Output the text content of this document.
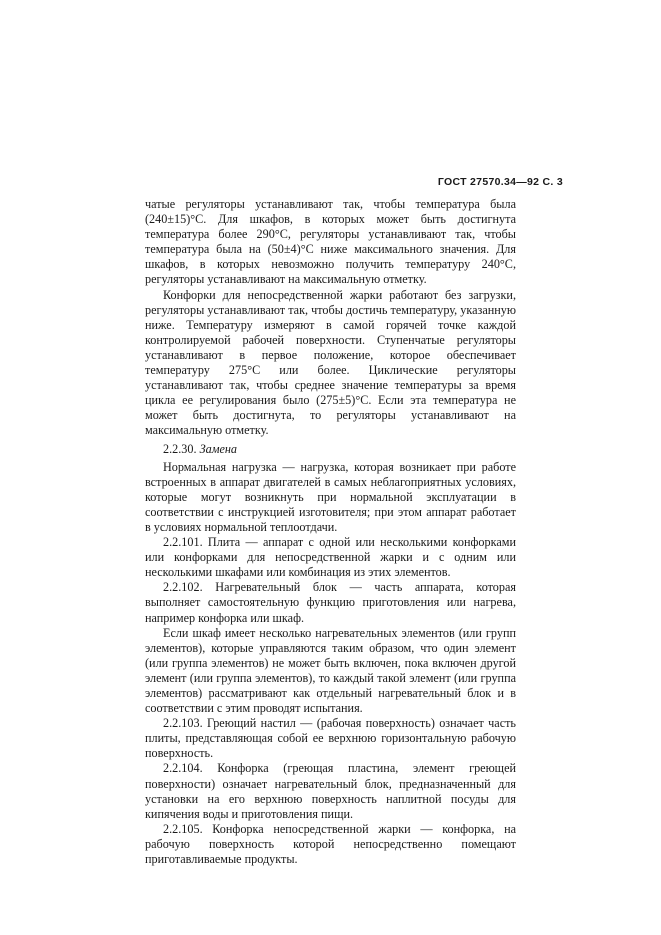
ГОСТ 27570.34—92 С. 3

чатые регуляторы устанавливают так, чтобы температура была (240±15)°С. Для шкафов, в которых может быть достигнута температура более 290°С, регуляторы устанавливают так, чтобы температура была на (50±4)°С ниже максимального значения. Для шкафов, в которых невозможно получить температуру 240°С, регуляторы устанавливают на максимальную отметку.

Конфорки для непосредственной жарки работают без загрузки, регуляторы устанавливают так, чтобы достичь температуру, указанную ниже. Температуру измеряют в самой горячей точке каждой контролируемой рабочей поверхности. Ступенчатые регуляторы устанавливают в первое положение, которое обеспечивает температуру 275°С или более. Циклические регуляторы устанавливают так, чтобы среднее значение температуры за время цикла ее регулирования было (275±5)°С. Если эта температура не может быть достигнута, то регуляторы устанавливают на максимальную отметку.

2.2.30. Замена

Нормальная нагрузка — нагрузка, которая возникает при работе встроенных в аппарат двигателей в самых неблагоприятных условиях, которые могут возникнуть при нормальной эксплуатации в соответствии с инструкцией изготовителя; при этом аппарат работает в условиях нормальной теплоотдачи.

2.2.101. Плита — аппарат с одной или несколькими конфорками или конфорками для непосредственной жарки и с одним или несколькими шкафами или комбинация из этих элементов.

2.2.102. Нагревательный блок — часть аппарата, которая выполняет самостоятельную функцию приготовления или нагрева, например конфорка или шкаф.

Если шкаф имеет несколько нагревательных элементов (или групп элементов), которые управляются таким образом, что один элемент (или группа элементов) не может быть включен, пока включен другой элемент (или группа элементов), то каждый такой элемент (или группа элементов) рассматривают как отдельный нагревательный блок и в соответствии с этим проводят испытания.

2.2.103. Греющий настил — (рабочая поверхность) означает часть плиты, представляющая собой ее верхнюю горизонтальную рабочую поверхность.

2.2.104. Конфорка (греющая пластина, элемент греющей поверхности) означает нагревательный блок, предназначенный для установки на его верхнюю поверхность наплитной посуды для кипячения воды и приготовления пищи.

2.2.105. Конфорка непосредственной жарки — конфорка, на рабочую поверхность которой непосредственно помещают приготавливаемые продукты.
